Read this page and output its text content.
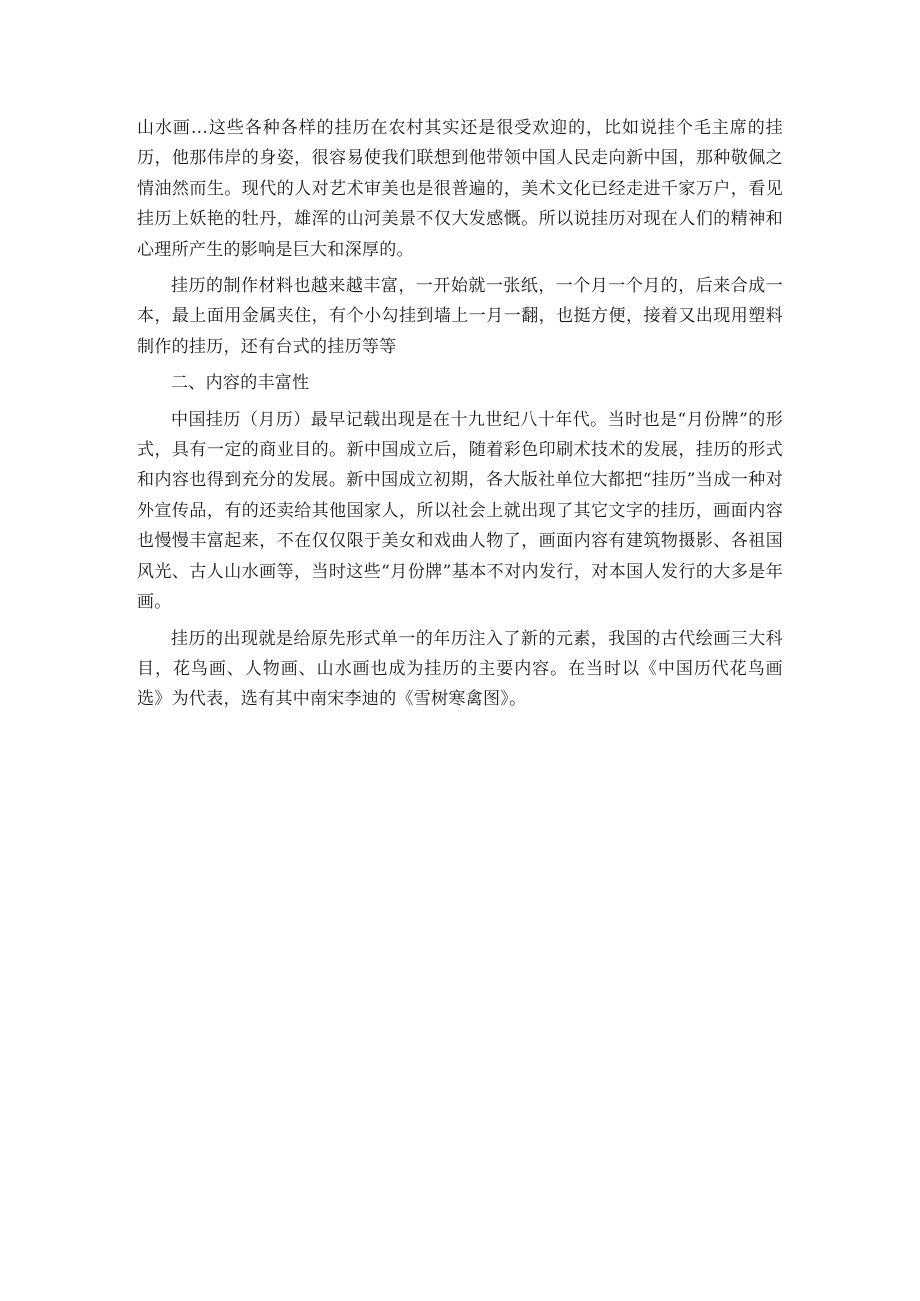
山水画…这些各种各样的挂历在农村其实还是很受欢迎的，比如说挂个毛主席的挂历，他那伟岸的身姿，很容易使我们联想到他带领中国人民走向新中国，那种敬佩之情油然而生。现代的人对艺术审美也是很普遍的，美术文化已经走进千家万户，看见挂历上妖艳的牡丹，雄浑的山河美景不仅大发感慨。所以说挂历对现在人们的精神和心理所产生的影响是巨大和深厚的。

挂历的制作材料也越来越丰富，一开始就一张纸，一个月一个月的，后来合成一本，最上面用金属夹住，有个小勾挂到墙上一月一翻，也挺方便，接着又出现用塑料制作的挂历，还有台式的挂历等等

二、内容的丰富性

中国挂历（月历）最早记载出现是在十九世纪八十年代。当时也是“月份牌”的形式，具有一定的商业目的。新中国成立后，随着彩色印刷术技术的发展，挂历的形式和内容也得到充分的发展。新中国成立初期，各大版社单位大都把“挂历”当成一种对外宣传品，有的还卖给其他国家人，所以社会上就出现了其它文字的挂历，画面内容也慢慢丰富起来，不在仅仅限于美女和戏曲人物了，画面内容有建筑物摄影、各祖国风光、古人山水画等，当时这些“月份牌”基本不对内发行，对本国人发行的大多是年画。

挂历的出现就是给原先形式单一的年历注入了新的元素，我国的古代绘画三大科目，花鸟画、人物画、山水画也成为挂历的主要内容。在当时以《中国历代花鸟画选》为代表，选有其中南宋李迪的《雪树寒禽图》。
